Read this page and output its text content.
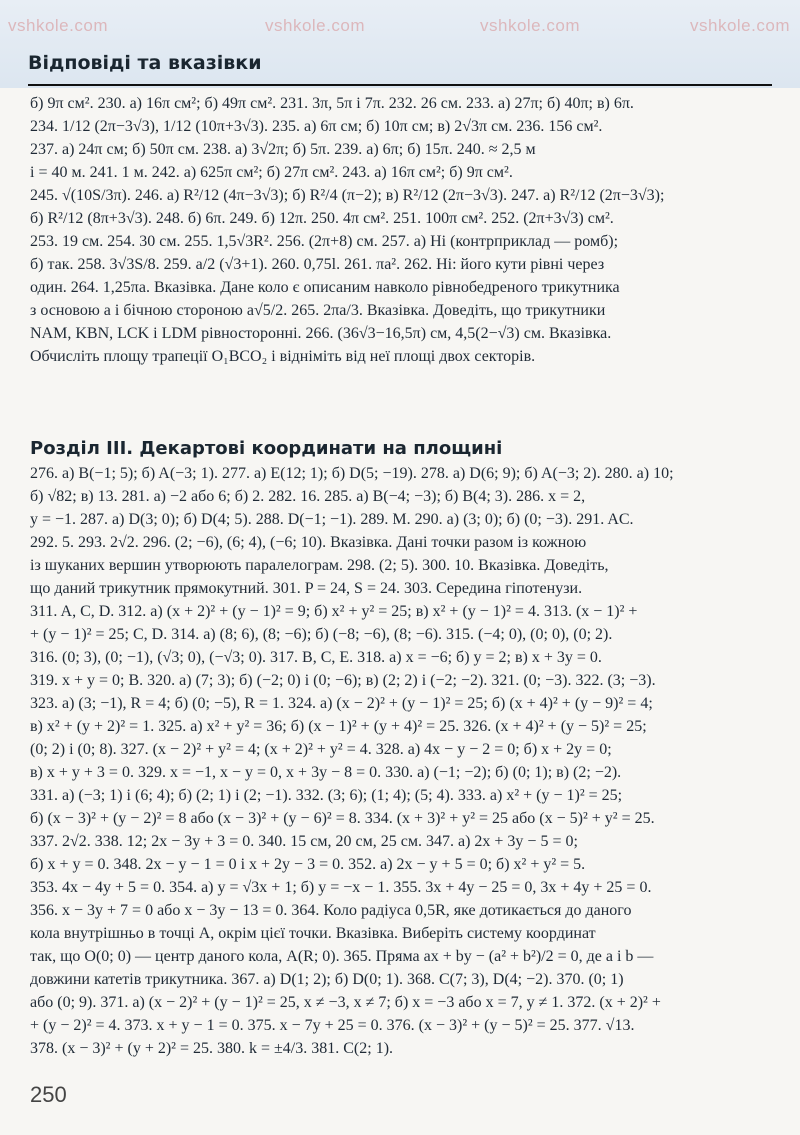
vshkole.com	vshkole.com	vshkole.com	vshkole.com
Відповіді та вказівки
б) 9π см². 230. а) 16π см²; б) 49π см². 231. 3π, 5π і 7π. 232. 26 см. 233. а) 27π; б) 40π; в) 6π.
234. 1/12 (2π−3√3), 1/12 (10π+3√3). 235. а) 6π см; б) 10π см; в) 2√3π см. 236. 156 см².
237. а) 24π см; б) 50π см. 238. а) 3√2π; б) 5π. 239. а) 6π; б) 15π. 240. ≈ 2,5 м
і = 40 м. 241. 1 м. 242. а) 625π см²; б) 27π см². 243. а) 16π см²; б) 9π см².
245. √(10S/3π). 246. а) R²/12 (4π−3√3); б) R²/4 (π−2); в) R²/12 (2π−3√3). 247. а) R²/12 (2π−3√3);
б) R²/12 (8π+3√3). 248. б) 6π. 249. б) 12π. 250. 4π см². 251. 100π см². 252. (2π+3√3) см².
253. 19 см. 254. 30 см. 255. 1,5√3R². 256. (2π+8) см. 257. а) Ні (контрприклад — ромб);
б) так. 258. 3√3S/8. 259. a/2 (√3+1). 260. 0,75l. 261. πa². 262. Ні: його кути рівні через
один. 264. 1,25πa. Вказівка. Дане коло є описаним навколо рівнобедреного трикутника
з основою a і бічною стороною a√5/2. 265. 2πa/3. Вказівка. Доведіть, що трикутники
NAM, KBN, LCK і LDM рівносторонні. 266. (36√3−16,5π) см, 4,5(2−√3) см. Вказівка.
Обчисліть площу трапеції O₁BCO₂ і відніміть від неї площі двох секторів.
Розділ III. Декартові координати на площині
276. а) B(−1; 5); б) A(−3; 1). 277. а) E(12; 1); б) D(5; −19). 278. а) D(6; 9); б) A(−3; 2). 280. а) 10;
б) √82; в) 13. 281. а) −2 або 6; б) 2. 282. 16. 285. а) B(−4; −3); б) B(4; 3). 286. x = 2,
y = −1. 287. а) D(3; 0); б) D(4; 5). 288. D(−1; −1). 289. M. 290. а) (3; 0); б) (0; −3). 291. AC.
292. 5. 293. 2√2. 296. (2; −6), (6; 4), (−6; 10). Вказівка. Дані точки разом із кожною
із шуканих вершин утворюють паралелограм. 298. (2; 5). 300. 10. Вказівка. Доведіть,
що даний трикутник прямокутний. 301. P = 24, S = 24. 303. Середина гіпотенузи.
311. A, C, D. 312. а) (x + 2)² + (y − 1)² = 9; б) x² + y² = 25; в) x² + (y − 1)² = 4. 313. (x − 1)² +
+ (y − 1)² = 25; C, D. 314. а) (8; 6), (8; −6); б) (−8; −6), (8; −6). 315. (−4; 0), (0; 0), (0; 2).
316. (0; 3), (0; −1), (√3; 0), (−√3; 0). 317. B, C, E. 318. а) x = −6; б) y = 2; в) x + 3y = 0.
319. x + y = 0; B. 320. а) (7; 3); б) (−2; 0) і (0; −6); в) (2; 2) і (−2; −2). 321. (0; −3). 322. (3; −3).
323. а) (3; −1), R = 4; б) (0; −5), R = 1. 324. а) (x − 2)² + (y − 1)² = 25; б) (x + 4)² + (y − 9)² = 4;
в) x² + (y + 2)² = 1. 325. а) x² + y² = 36; б) (x − 1)² + (y + 4)² = 25. 326. (x + 4)² + (y − 5)² = 25;
(0; 2) і (0; 8). 327. (x − 2)² + y² = 4; (x + 2)² + y² = 4. 328. а) 4x − y − 2 = 0; б) x + 2y = 0;
в) x + y + 3 = 0. 329. x = −1, x − y = 0, x + 3y − 8 = 0. 330. а) (−1; −2); б) (0; 1); в) (2; −2).
331. а) (−3; 1) і (6; 4); б) (2; 1) і (2; −1). 332. (3; 6); (1; 4); (5; 4). 333. а) x² + (y − 1)² = 25;
б) (x − 3)² + (y − 2)² = 8 або (x − 3)² + (y − 6)² = 8. 334. (x + 3)² + y² = 25 або (x − 5)² + y² = 25.
337. 2√2. 338. 12; 2x − 3y + 3 = 0. 340. 15 см, 20 см, 25 см. 347. а) 2x + 3y − 5 = 0;
б) x + y = 0. 348. 2x − y − 1 = 0 і x + 2y − 3 = 0. 352. а) 2x − y + 5 = 0; б) x² + y² = 5.
353. 4x − 4y + 5 = 0. 354. а) y = √3x + 1; б) y = −x − 1. 355. 3x + 4y − 25 = 0, 3x + 4y + 25 = 0.
356. x − 3y + 7 = 0 або x − 3y − 13 = 0. 364. Коло радіуса 0,5R, яке дотикається до даного
кола внутрішньо в точці A, окрім цієї точки. Вказівка. Виберіть систему координат
так, що O(0; 0) — центр даного кола, A(R; 0). 365. Пряма ax + by − (a² + b²)/2 = 0, де a і b —
довжини катетів трикутника. 367. а) D(1; 2); б) D(0; 1). 368. C(7; 3), D(4; −2). 370. (0; 1)
або (0; 9). 371. а) (x − 2)² + (y − 1)² = 25, x ≠ −3, x ≠ 7; б) x = −3 або x = 7, y ≠ 1. 372. (x + 2)² +
+ (y − 2)² = 4. 373. x + y − 1 = 0. 375. x − 7y + 25 = 0. 376. (x − 3)² + (y − 5)² = 25. 377. √13.
378. (x − 3)² + (y + 2)² = 25. 380. k = ±4/3. 381. C(2; 1).
250
